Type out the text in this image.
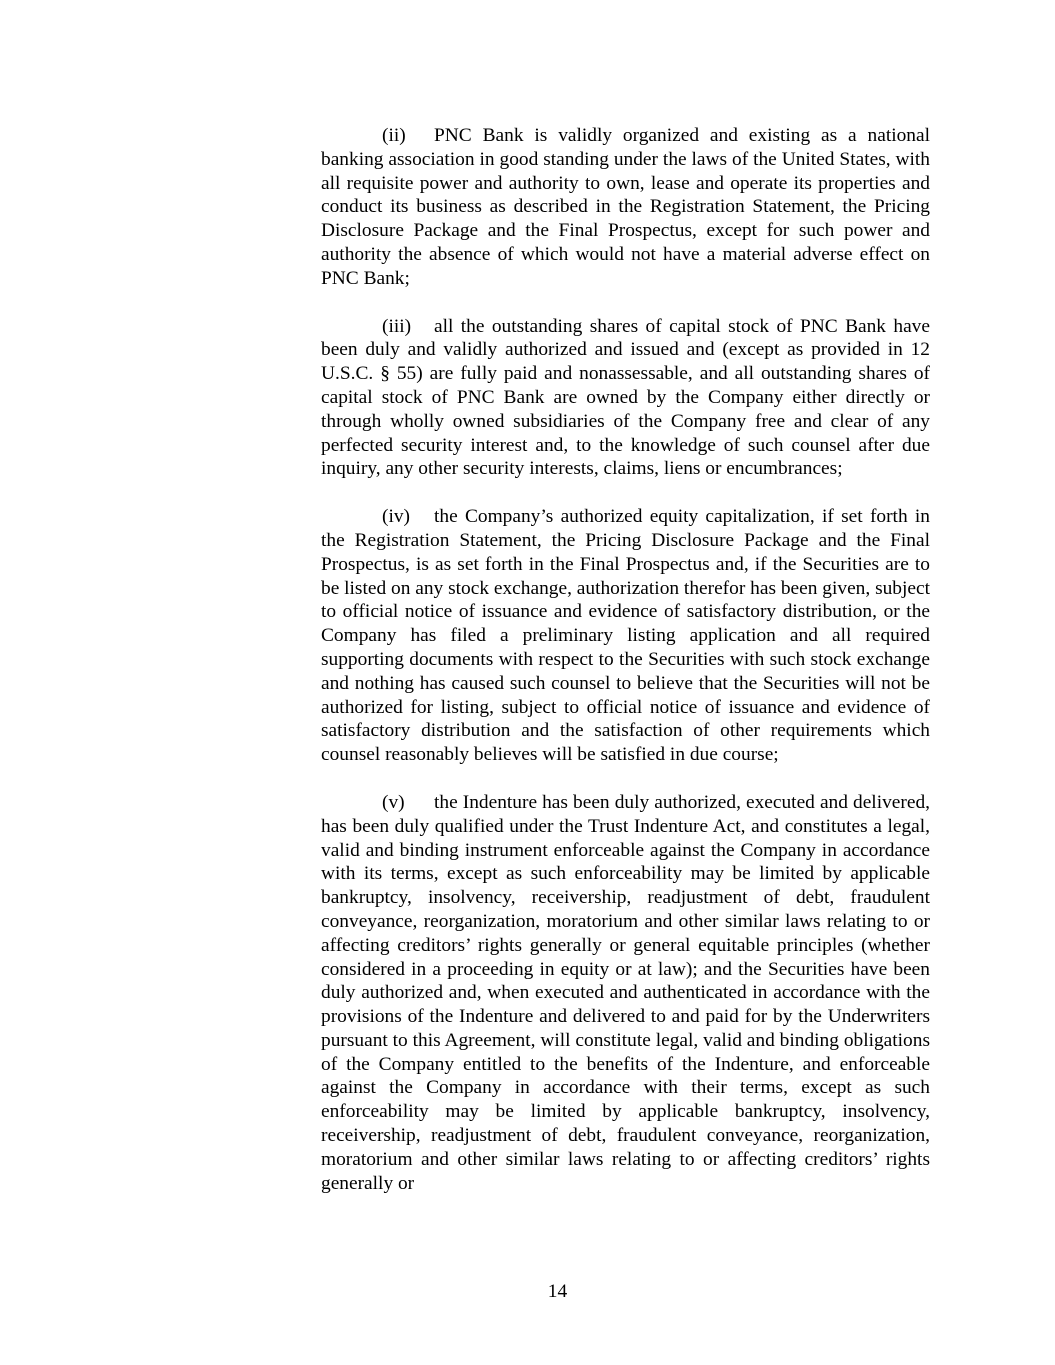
(ii) PNC Bank is validly organized and existing as a national banking association in good standing under the laws of the United States, with all requisite power and authority to own, lease and operate its properties and conduct its business as described in the Registration Statement, the Pricing Disclosure Package and the Final Prospectus, except for such power and authority the absence of which would not have a material adverse effect on PNC Bank;

(iii) all the outstanding shares of capital stock of PNC Bank have been duly and validly authorized and issued and (except as provided in 12 U.S.C. § 55) are fully paid and nonassessable, and all outstanding shares of capital stock of PNC Bank are owned by the Company either directly or through wholly owned subsidiaries of the Company free and clear of any perfected security interest and, to the knowledge of such counsel after due inquiry, any other security interests, claims, liens or encumbrances;

(iv) the Company’s authorized equity capitalization, if set forth in the Registration Statement, the Pricing Disclosure Package and the Final Prospectus, is as set forth in the Final Prospectus and, if the Securities are to be listed on any stock exchange, authorization therefor has been given, subject to official notice of issuance and evidence of satisfactory distribution, or the Company has filed a preliminary listing application and all required supporting documents with respect to the Securities with such stock exchange and nothing has caused such counsel to believe that the Securities will not be authorized for listing, subject to official notice of issuance and evidence of satisfactory distribution and the satisfaction of other requirements which counsel reasonably believes will be satisfied in due course;

(v) the Indenture has been duly authorized, executed and delivered, has been duly qualified under the Trust Indenture Act, and constitutes a legal, valid and binding instrument enforceable against the Company in accordance with its terms, except as such enforceability may be limited by applicable bankruptcy, insolvency, receivership, readjustment of debt, fraudulent conveyance, reorganization, moratorium and other similar laws relating to or affecting creditors’ rights generally or general equitable principles (whether considered in a proceeding in equity or at law); and the Securities have been duly authorized and, when executed and authenticated in accordance with the provisions of the Indenture and delivered to and paid for by the Underwriters pursuant to this Agreement, will constitute legal, valid and binding obligations of the Company entitled to the benefits of the Indenture, and enforceable against the Company in accordance with their terms, except as such enforceability may be limited by applicable bankruptcy, insolvency, receivership, readjustment of debt, fraudulent conveyance, reorganization, moratorium and other similar laws relating to or affecting creditors’ rights generally or

14
